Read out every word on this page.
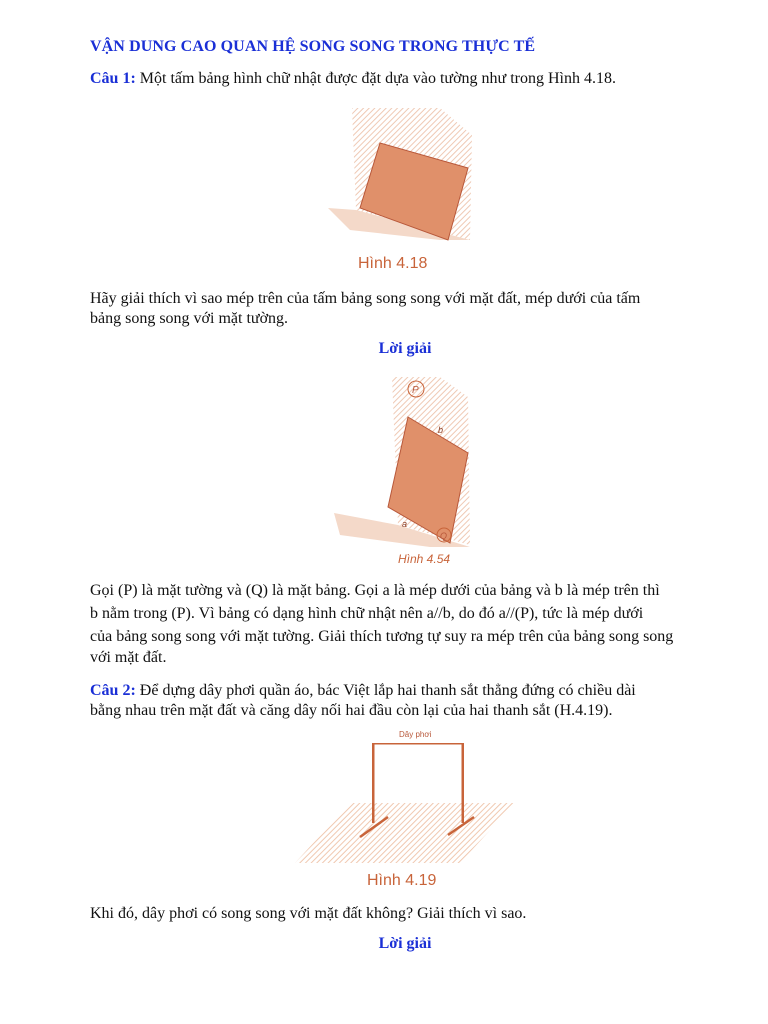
VẬN DUNG CAO QUAN HỆ SONG SONG TRONG THỰC TẾ
Câu 1: Một tấm bảng hình chữ nhật được đặt dựa vào tường như trong Hình 4.18.
Hình 4.18
Hãy giải thích vì sao mép trên của tấm bảng song song với mặt đất, mép dưới của tấm
bảng song song với mặt tường.
Lời giải
P
b
a
Q
Hình 4.54
Gọi (P) là mặt tường và (Q) là mặt bảng. Gọi a là mép dưới của bảng và b là mép trên thì
b nằm trong (P). Vì bảng có dạng hình chữ nhật nên a//b, do đó a//(P), tức là mép dưới
của bảng song song với mặt tường. Giải thích tương tự suy ra mép trên của bảng song song
với mặt đất.
Câu 2: Để dựng dây phơi quần áo, bác Việt lắp hai thanh sắt thẳng đứng có chiều dài
bằng nhau trên mặt đất và căng dây nối hai đầu còn lại của hai thanh sắt (H.4.19).
Dây phơi
Hình 4.19
Khi đó, dây phơi có song song với mặt đất không? Giải thích vì sao.
Lời giải
